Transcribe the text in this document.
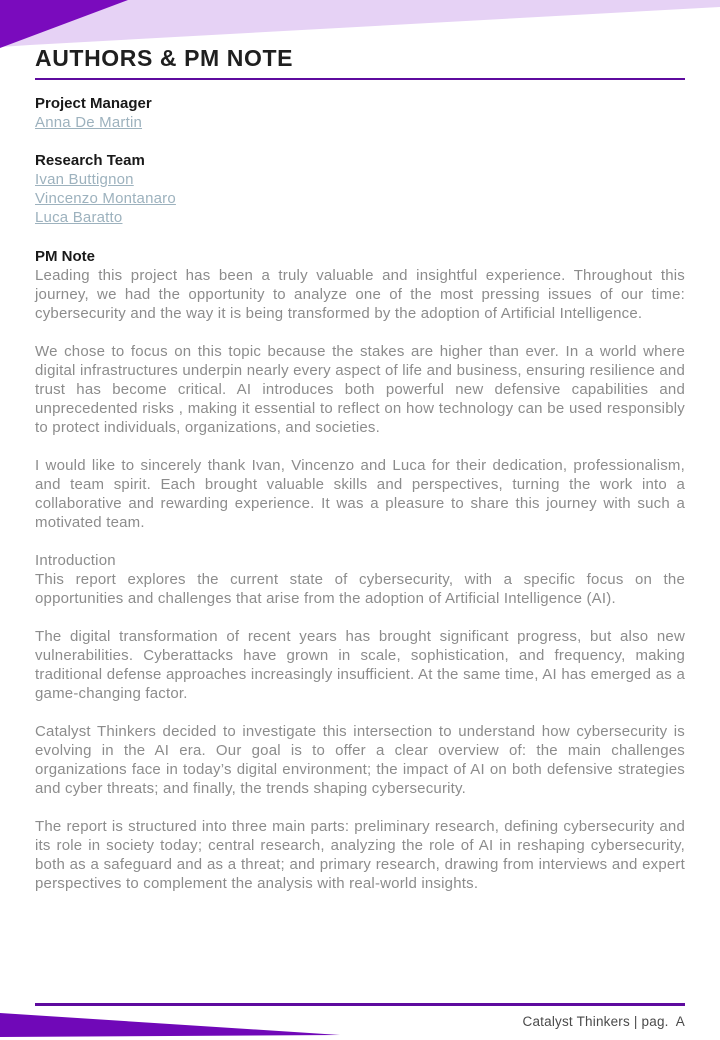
AUTHORS & PM NOTE
Project Manager
Anna De Martin
Research Team
Ivan Buttignon
Vincenzo Montanaro
Luca Baratto
PM Note

Leading this project has been a truly valuable and insightful experience. Throughout this journey, we had the opportunity to analyze one of the most pressing issues of our time: cybersecurity and the way it is being transformed by the adoption of Artificial Intelligence.

We chose to focus on this topic because the stakes are higher than ever. In a world where digital infrastructures underpin nearly every aspect of life and business, ensuring resilience and trust has become critical. AI introduces both powerful new defensive capabilities and unprecedented risks , making it essential to reflect on how technology can be used responsibly to protect individuals, organizations, and societies.

I would like to sincerely thank Ivan, Vincenzo and Luca for their dedication, professionalism, and team spirit. Each brought valuable skills and perspectives, turning the work into a collaborative and rewarding experience. It was a pleasure to share this journey with such a motivated team.

Introduction
This report explores the current state of cybersecurity, with a specific focus on the opportunities and challenges that arise from the adoption of Artificial Intelligence (AI).

The digital transformation of recent years has brought significant progress, but also new vulnerabilities. Cyberattacks have grown in scale, sophistication, and frequency, making traditional defense approaches increasingly insufficient. At the same time, AI has emerged as a game-changing factor.

Catalyst Thinkers decided to investigate this intersection to understand how cybersecurity is evolving in the AI era. Our goal is to offer a clear overview of: the main challenges organizations face in today’s digital environment; the impact of AI on both defensive strategies and cyber threats; and finally, the trends shaping cybersecurity.

The report is structured into three main parts: preliminary research, defining cybersecurity and its role in society today; central research, analyzing the role of AI in reshaping cybersecurity, both as a safeguard and as a threat; and primary research, drawing from interviews and expert perspectives to complement the analysis with real-world insights.

Catalyst Thinkers | pag.  A
